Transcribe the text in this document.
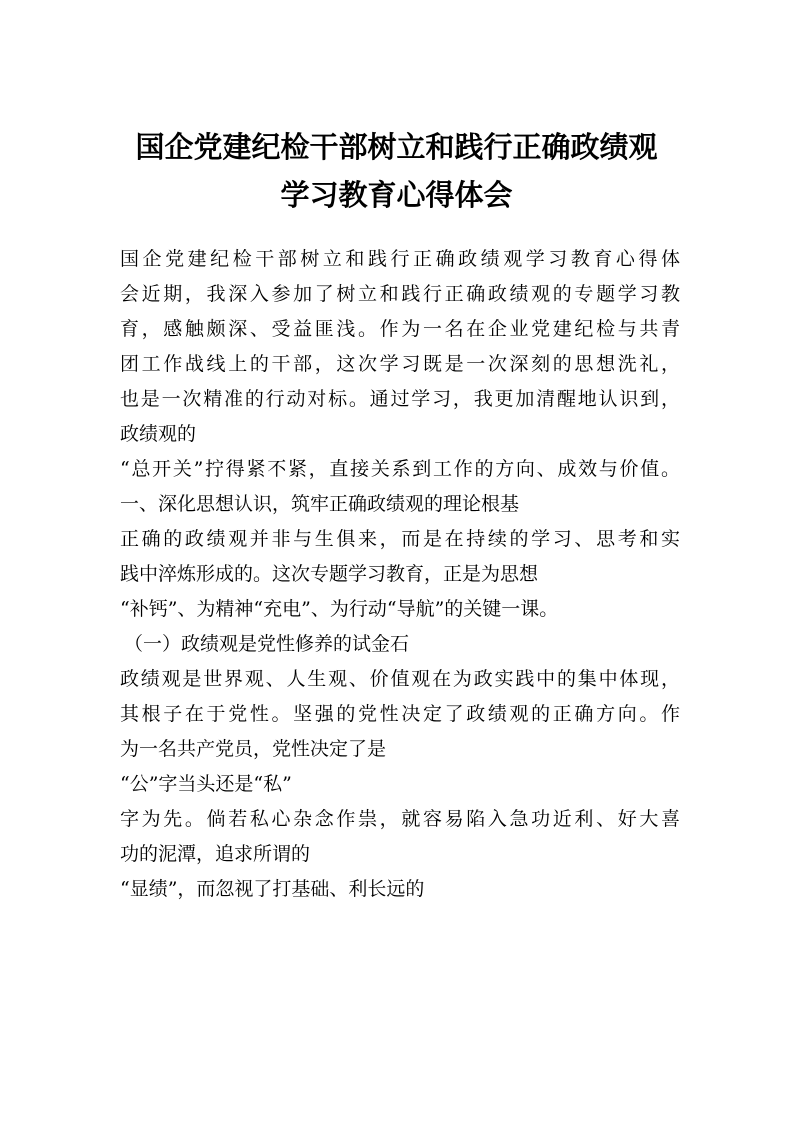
国企党建纪检干部树立和践行正确政绩观
学习教育心得体会
国企党建纪检干部树立和践行正确政绩观学习教育心得体
会近期，我深入参加了树立和践行正确政绩观的专题学习教
育，感触颇深、受益匪浅。作为一名在企业党建纪检与共青
团工作战线上的干部，这次学习既是一次深刻的思想洗礼，
也是一次精准的行动对标。通过学习，我更加清醒地认识到，
政绩观的
“总开关”拧得紧不紧，直接关系到工作的方向、成效与价值。
一、深化思想认识，筑牢正确政绩观的理论根基
正确的政绩观并非与生俱来，而是在持续的学习、思考和实
践中淬炼形成的。这次专题学习教育，正是为思想
“补钙”、为精神“充电”、为行动“导航”的关键一课。
（一）政绩观是党性修养的试金石
政绩观是世界观、人生观、价值观在为政实践中的集中体现，
其根子在于党性。坚强的党性决定了政绩观的正确方向。作
为一名共产党员，党性决定了是
“公”字当头还是“私”
字为先。倘若私心杂念作祟，就容易陷入急功近利、好大喜
功的泥潭，追求所谓的
“显绩”，而忽视了打基础、利长远的
